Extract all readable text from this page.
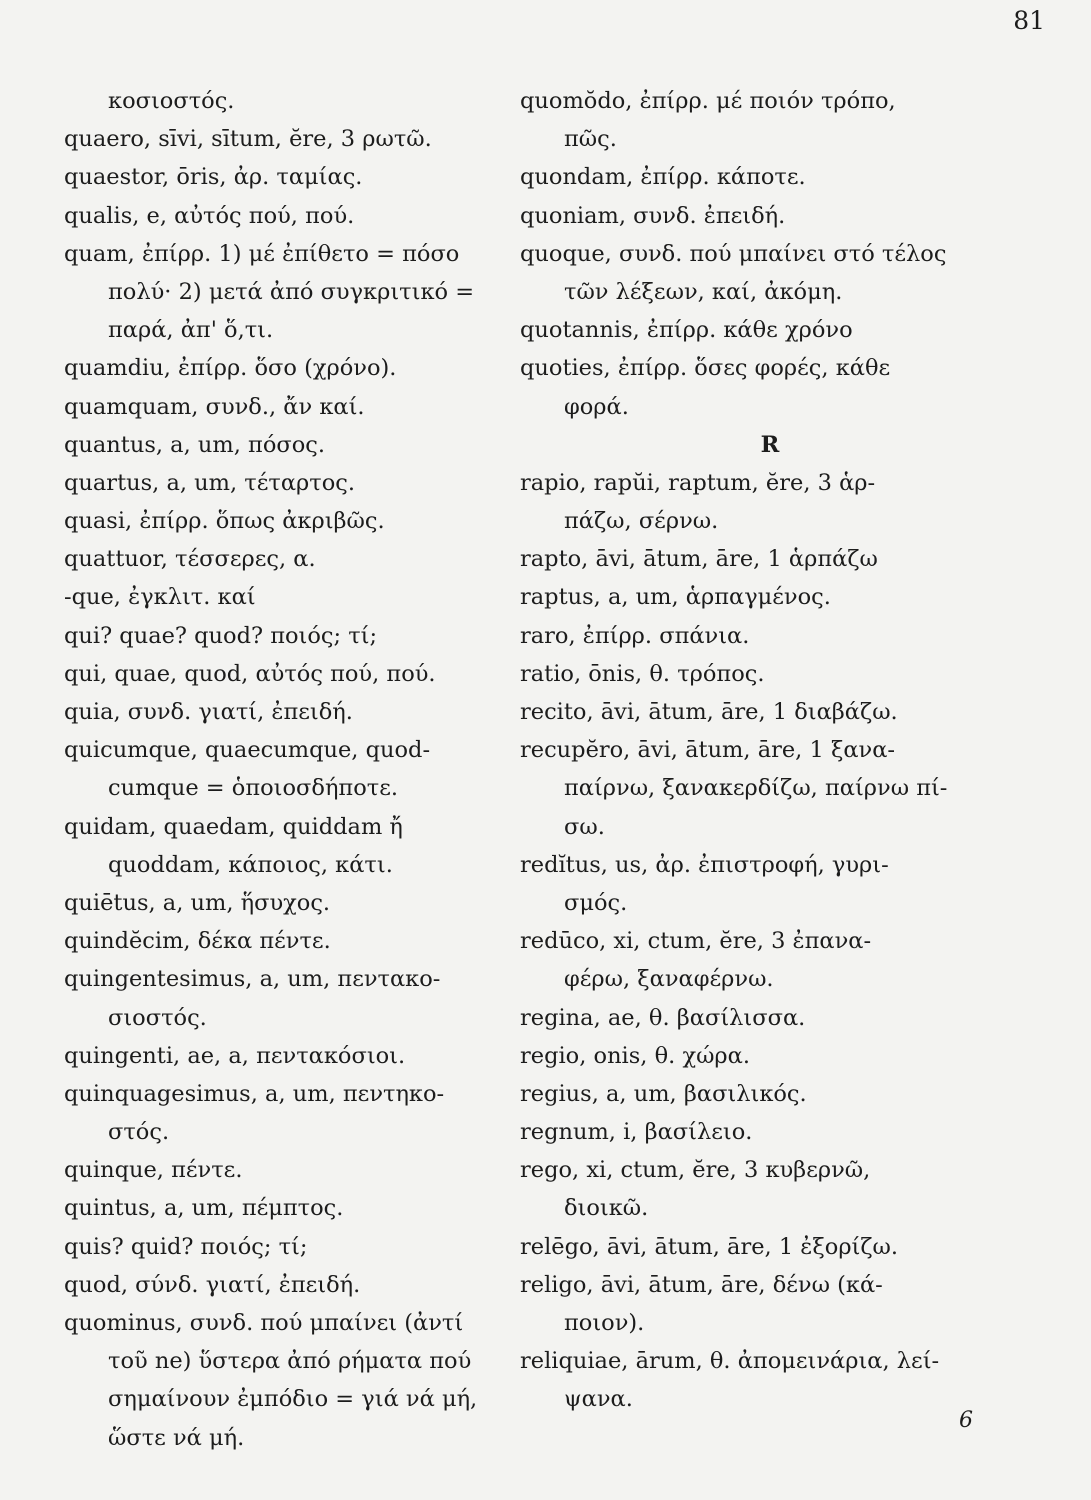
81
κοσιοστός.
quaero, sīvi, sītum, ĕre, 3 ρωτῶ.
quaestor, ōris, ἀρ. ταμίας.
qualis, e, αὐτός πού, πού.
quam, ἐπίρρ. 1) μέ ἐπίθετο = πόσο
πολύ· 2) μετά ἀπό συγκριτικό =
παρά, ἀπ' ὅ,τι.
quamdiu, ἐπίρρ. ὅσο (χρόνο).
quamquam, συνδ., ἄν καί.
quantus, a, um, πόσος.
quartus, a, um, τέταρτος.
quasi, ἐπίρρ. ὅπως ἀκριβῶς.
quattuor, τέσσερες, α.
-que, ἐγκλιτ. καί
qui? quae? quod? ποιός; τί;
qui, quae, quod, αὐτός πού, πού.
quia, συνδ. γιατί, ἐπειδή.
quicumque, quaecumque, quod-
cumque = ὁποιοσδήποτε.
quidam, quaedam, quiddam ἤ
quoddam, κάποιος, κάτι.
quiētus, a, um, ἥσυχος.
quindĕcim, δέκα πέντε.
quingentesimus, a, um, πεντακο-
σιοστός.
quingenti, ae, a, πεντακόσιοι.
quinquagesimus, a, um, πεντηκο-
στός.
quinque, πέντε.
quintus, a, um, πέμπτος.
quis? quid? ποιός; τί;
quod, σύνδ. γιατί, ἐπειδή.
quominus, συνδ. πού μπαίνει (ἀντί
τοῦ ne) ὕστερα ἀπό ρήματα πού
σημαίνουν ἐμπόδιο = γιά νά μή,
ὥστε νά μή.
quomŏdo, ἐπίρρ. μέ ποιόν τρόπο,
πῶς.
quondam, ἐπίρρ. κάποτε.
quoniam, συνδ. ἐπειδή.
quoque, συνδ. πού μπαίνει στό τέλος
τῶν λέξεων, καί, ἀκόμη.
quotannis, ἐπίρρ. κάθε χρόνο
quoties, ἐπίρρ. ὅσες φορές, κάθε
φορά.
R
rapio, rapŭi, raptum, ĕre, 3 ἁρ-
πάζω, σέρνω.
rapto, āvi, ātum, āre, 1 ἁρπάζω
raptus, a, um, ἁρπαγμένος.
raro, ἐπίρρ. σπάνια.
ratio, ōnis, θ. τρόπος.
recito, āvi, ātum, āre, 1 διαβάζω.
recupĕro, āvi, ātum, āre, 1 ξανα-
παίρνω, ξανακερδίζω, παίρνω πί-
σω.
redĭtus, us, ἀρ. ἐπιστροφή, γυρι-
σμός.
redūco, xi, ctum, ĕre, 3 ἐπανα-
φέρω, ξαναφέρνω.
regina, ae, θ. βασίλισσα.
regio, onis, θ. χώρα.
regius, a, um, βασιλικός.
regnum, i, βασίλειο.
rego, xi, ctum, ĕre, 3 κυβερνῶ,
διοικῶ.
relēgo, āvi, ātum, āre, 1 ἐξορίζω.
religo, āvi, ātum, āre, δένω (κά-
ποιον).
reliquiae, ārum, θ. ἀπομεινάρια, λεί-
ψανα.
6
